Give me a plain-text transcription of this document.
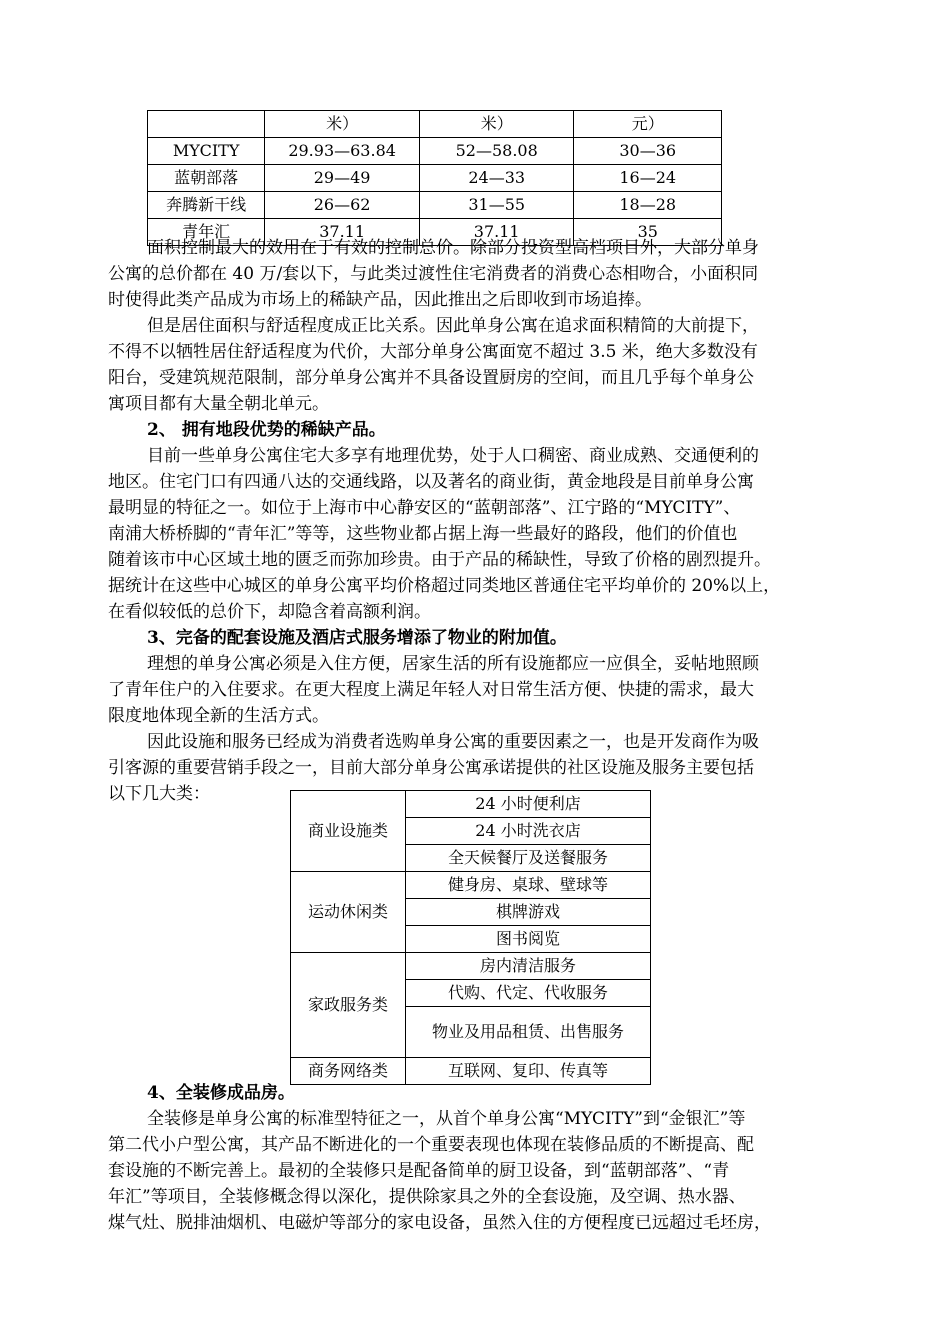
	米）	米）	元）
MYCITY	29.93—63.84	52—58.08	30—36
蓝朝部落	29—49	24—33	16—24
奔腾新干线	26—62	31—55	18—28
青年汇	37.11	37.11	35
面积控制最大的效用在于有效的控制总价。除部分投资型高档项目外，大部分单身
公寓的总价都在 40 万/套以下，与此类过渡性住宅消费者的消费心态相吻合，小面积同
时使得此类产品成为市场上的稀缺产品，因此推出之后即收到市场追捧。
但是居住面积与舒适程度成正比关系。因此单身公寓在追求面积精简的大前提下，
不得不以牺牲居住舒适程度为代价，大部分单身公寓面宽不超过 3.5 米，绝大多数没有
阳台，受建筑规范限制，部分单身公寓并不具备设置厨房的空间，而且几乎每个单身公
寓项目都有大量全朝北单元。
2、 拥有地段优势的稀缺产品。
目前一些单身公寓住宅大多享有地理优势，处于人口稠密、商业成熟、交通便利的
地区。住宅门口有四通八达的交通线路，以及著名的商业街，黄金地段是目前单身公寓
最明显的特征之一。如位于上海市中心静安区的“蓝朝部落”、江宁路的“MYCITY”、
南浦大桥桥脚的“青年汇”等等，这些物业都占据上海一些最好的路段，他们的价值也
随着该市中心区域土地的匮乏而弥加珍贵。由于产品的稀缺性，导致了价格的剧烈提升。
据统计在这些中心城区的单身公寓平均价格超过同类地区普通住宅平均单价的 20%以上，
在看似较低的总价下，却隐含着高额利润。
3、完备的配套设施及酒店式服务增添了物业的附加值。
理想的单身公寓必须是入住方便，居家生活的所有设施都应一应俱全，妥帖地照顾
了青年住户的入住要求。在更大程度上满足年轻人对日常生活方便、快捷的需求，最大
限度地体现全新的生活方式。
因此设施和服务已经成为消费者选购单身公寓的重要因素之一，也是开发商作为吸
引客源的重要营销手段之一，目前大部分单身公寓承诺提供的社区设施及服务主要包括
以下几大类：
商业设施类	24 小时便利店
	24 小时洗衣店
	全天候餐厅及送餐服务
运动休闲类	健身房、桌球、壁球等
	棋牌游戏
	图书阅览
家政服务类	房内清洁服务
	代购、代定、代收服务
	物业及用品租赁、出售服务
商务网络类	互联网、复印、传真等
4、全装修成品房。
全装修是单身公寓的标准型特征之一，从首个单身公寓“MYCITY”到“金银汇”等
第二代小户型公寓，其产品不断进化的一个重要表现也体现在装修品质的不断提高、配
套设施的不断完善上。最初的全装修只是配备简单的厨卫设备，到“蓝朝部落”、“青
年汇”等项目，全装修概念得以深化，提供除家具之外的全套设施，及空调、热水器、
煤气灶、脱排油烟机、电磁炉等部分的家电设备，虽然入住的方便程度已远超过毛坯房，
